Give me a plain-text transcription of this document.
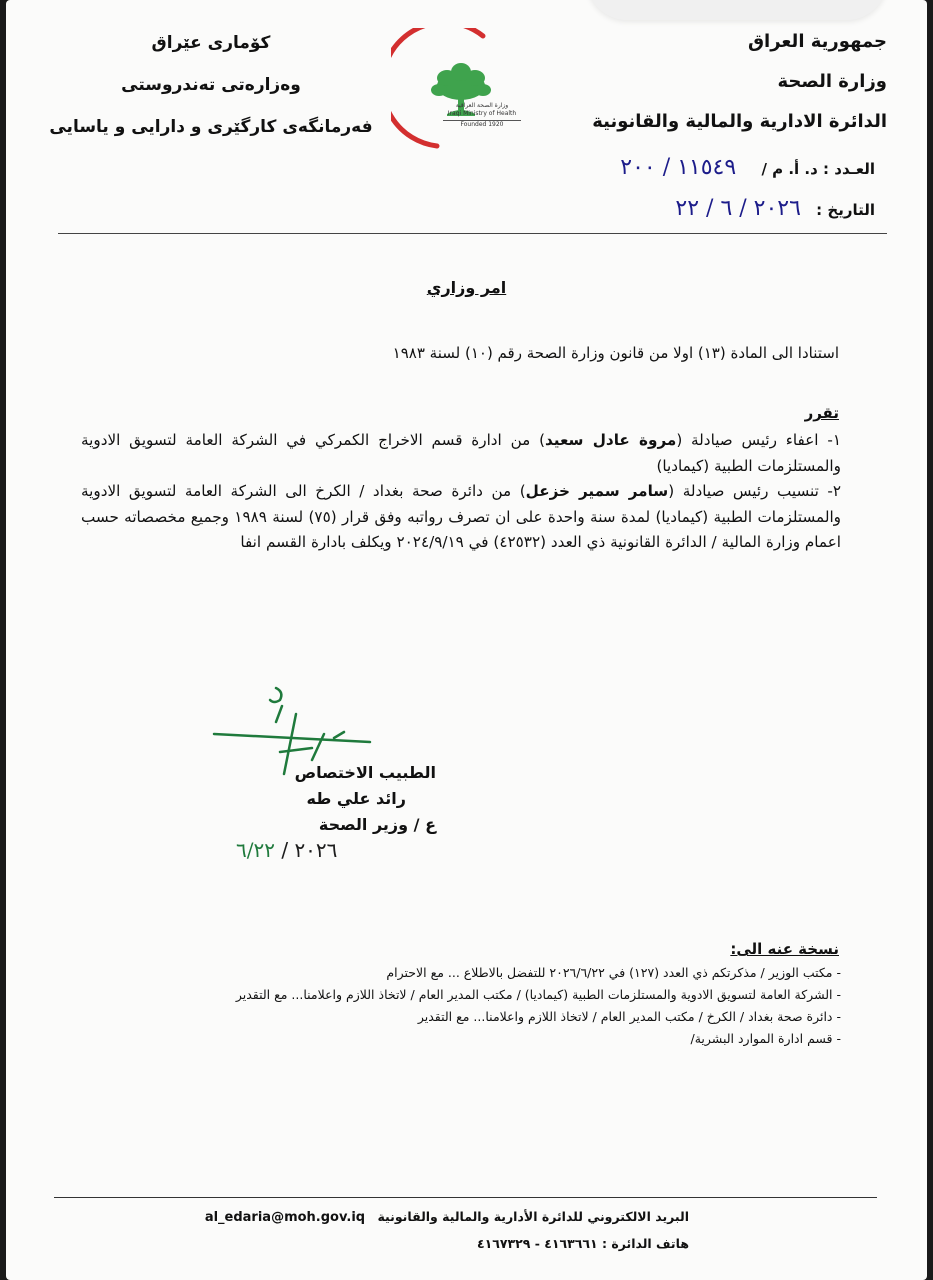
جمهورية العراق
وزارة الصحة
الدائرة الادارية والمالية والقانونية
كۆماری عێراق
وەزارەتی تەندروستی
فەرمانگەی كارگێری و دارایی و یاسایی
وزارة الصحة العراقية
Iraqi Ministry of Health
Founded 1920
العـدد : د. أ. م / ١١٥٤٩ / ٢٠٠
التاريخ : ٢٠٢٦ / ٦ / ٢٢
امر وزاري
استنادا الى المادة (١٣) اولا من قانون وزارة الصحة رقم (١٠) لسنة ١٩٨٣
تقرر

١- اعفاء رئيس صيادلة (مروة عادل سعيد) من ادارة قسم الاخراج الكمركي في الشركة العامة لتسويق الادوية والمستلزمات الطبية (كيماديا)

٢- تنسيب رئيس صيادلة (سامر سمير خزعل) من دائرة صحة بغداد / الكرخ الى الشركة العامة لتسويق الادوية والمستلزمات الطبية (كيماديا) لمدة سنة واحدة على ان تصرف رواتبه وفق قرار (٧٥) لسنة ١٩٨٩ وجميع مخصصاته حسب اعمام وزارة المالية / الدائرة القانونية ذي العدد (٤٢٥٣٢) في ٢٠٢٤/٩/١٩ ويكلف بادارة القسم انفا

الطبيب الاختصاص
رائد علي طه
ع / وزير الصحة
٢٠٢٦ / ٦/٢٢
نسخة عنه الى:
- مكتب الوزير / مذكرتكم ذي العدد (١٢٧) في ٢٠٢٦/٦/٢٢ للتفضل بالاطلاع ... مع الاحترام
- الشركة العامة لتسويق الادوية والمستلزمات الطبية (كيماديا) / مكتب المدير العام / لاتخاذ اللازم واعلامنا... مع التقدير
- دائرة صحة بغداد / الكرخ / مكتب المدير العام / لاتخاذ اللازم واعلامنا... مع التقدير
- قسم ادارة الموارد البشرية/
البريد الالكتروني للدائرة الأدارية والمالية والقانونية al_edaria@moh.gov.iq
هاتف الدائرة : ٤١٦٣٦٦١ - ٤١٦٧٣٢٩
